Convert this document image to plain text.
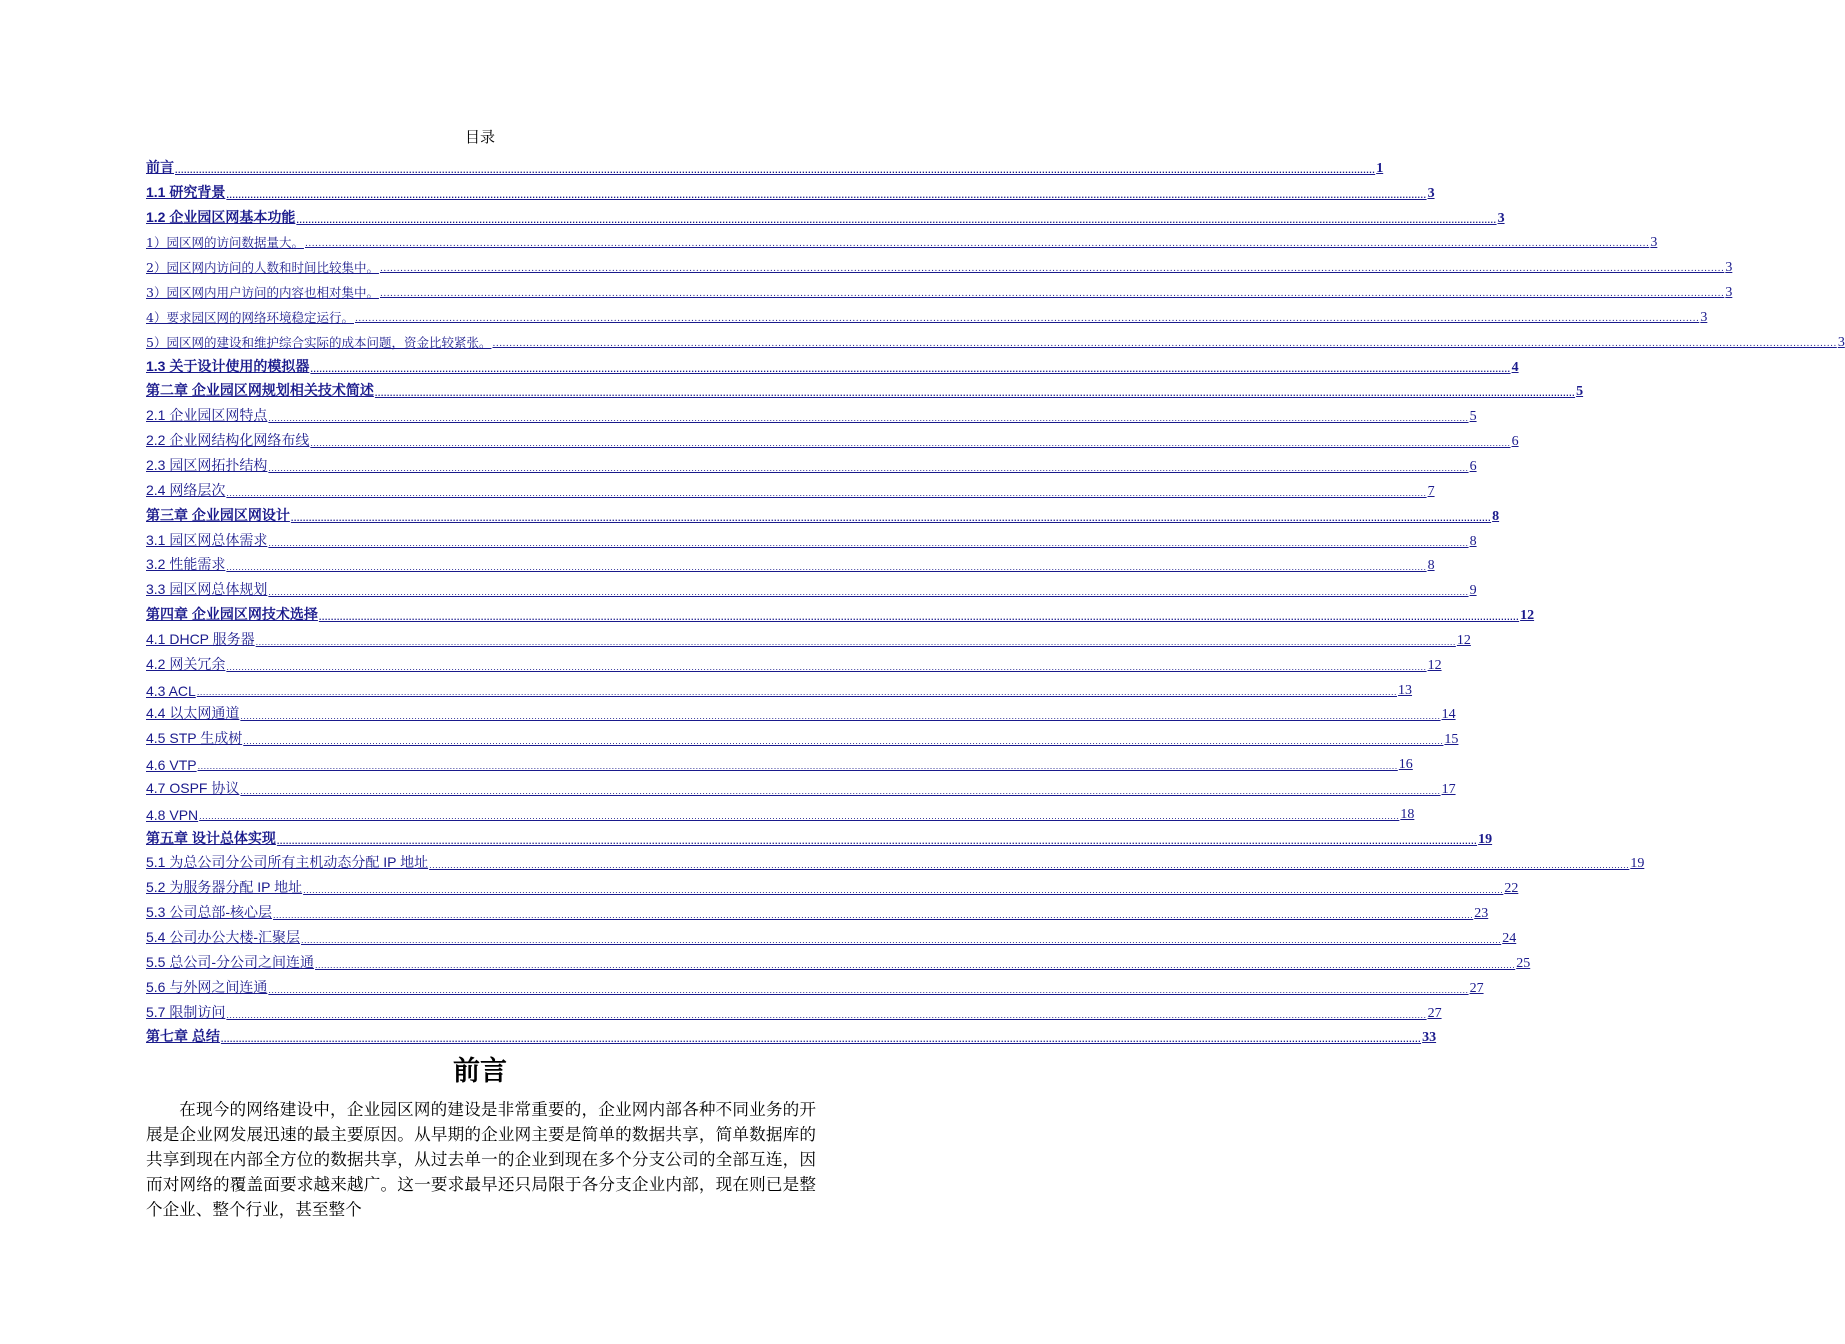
目录
前言 ................................................................................................................................................................................................................................................................................................................................................................................................................ 1
1.1 研究背景 ................................................................................................................................................................................................................................................................................................................................................................................................................ 3
1.2 企业园区网基本功能 ................................................................................................................................................................................................................................................................................................................................................................................................................ 3
1）园区网的访问数据量大。 ................................................................................................................................................................................................................................................................................................................................................................................................................ 3
2）园区网内访问的人数和时间比较集中。 ................................................................................................................................................................................................................................................................................................................................................................................................................ 3
3）园区网内用户访问的内容也相对集中。 ................................................................................................................................................................................................................................................................................................................................................................................................................ 3
4）要求园区网的网络环境稳定运行。 ................................................................................................................................................................................................................................................................................................................................................................................................................ 3
5）园区网的建设和维护综合实际的成本问题，资金比较紧张。 ................................................................................................................................................................................................................................................................................................................................................................................................................ 3
1.3 关于设计使用的模拟器 ................................................................................................................................................................................................................................................................................................................................................................................................................ 4
第二章 企业园区网规划相关技术简述 ................................................................................................................................................................................................................................................................................................................................................................................................................ 5
2.1 企业园区网特点 ................................................................................................................................................................................................................................................................................................................................................................................................................ 5
2.2 企业网结构化网络布线 ................................................................................................................................................................................................................................................................................................................................................................................................................ 6
2.3 园区网拓扑结构 ................................................................................................................................................................................................................................................................................................................................................................................................................ 6
2.4 网络层次 ................................................................................................................................................................................................................................................................................................................................................................................................................ 7
第三章 企业园区网设计 ................................................................................................................................................................................................................................................................................................................................................................................................................ 8
3.1 园区网总体需求 ................................................................................................................................................................................................................................................................................................................................................................................................................ 8
3.2 性能需求 ................................................................................................................................................................................................................................................................................................................................................................................................................ 8
3.3 园区网总体规划 ................................................................................................................................................................................................................................................................................................................................................................................................................ 9
第四章 企业园区网技术选择 ................................................................................................................................................................................................................................................................................................................................................................................................................ 12
4.1 DHCP 服务器 ................................................................................................................................................................................................................................................................................................................................................................................................................ 12
4.2 网关冗余 ................................................................................................................................................................................................................................................................................................................................................................................................................ 12
4.3 ACL ................................................................................................................................................................................................................................................................................................................................................................................................................ 13
4.4 以太网通道 ................................................................................................................................................................................................................................................................................................................................................................................................................ 14
4.5 STP 生成树 ................................................................................................................................................................................................................................................................................................................................................................................................................ 15
4.6 VTP ................................................................................................................................................................................................................................................................................................................................................................................................................ 16
4.7 OSPF 协议 ................................................................................................................................................................................................................................................................................................................................................................................................................ 17
4.8 VPN ................................................................................................................................................................................................................................................................................................................................................................................................................ 18
第五章 设计总体实现 ................................................................................................................................................................................................................................................................................................................................................................................................................ 19
5.1 为总公司分公司所有主机动态分配 IP 地址 ................................................................................................................................................................................................................................................................................................................................................................................................................ 19
5.2 为服务器分配 IP 地址 ................................................................................................................................................................................................................................................................................................................................................................................................................ 22
5.3 公司总部-核心层 ................................................................................................................................................................................................................................................................................................................................................................................................................ 23
5.4 公司办公大楼-汇聚层 ................................................................................................................................................................................................................................................................................................................................................................................................................ 24
5.5 总公司-分公司之间连通 ................................................................................................................................................................................................................................................................................................................................................................................................................ 25
5.6 与外网之间连通 ................................................................................................................................................................................................................................................................................................................................................................................................................ 27
5.7 限制访问 ................................................................................................................................................................................................................................................................................................................................................................................................................ 27
第七章 总结 ................................................................................................................................................................................................................................................................................................................................................................................................................ 33
前言

在现今的网络建设中，企业园区网的建设是非常重要的，企业网内部各种不同业务的开展是企业网发展迅速的最主要原因。从早期的企业网主要是简单的数据共享，简单数据库的共享到现在内部全方位的数据共享，从过去单一的企业到现在多个分支公司的全部互连，因而对网络的覆盖面要求越来越广。这一要求最早还只局限于各分支企业内部，现在则已是整个企业、整个行业，甚至整个
